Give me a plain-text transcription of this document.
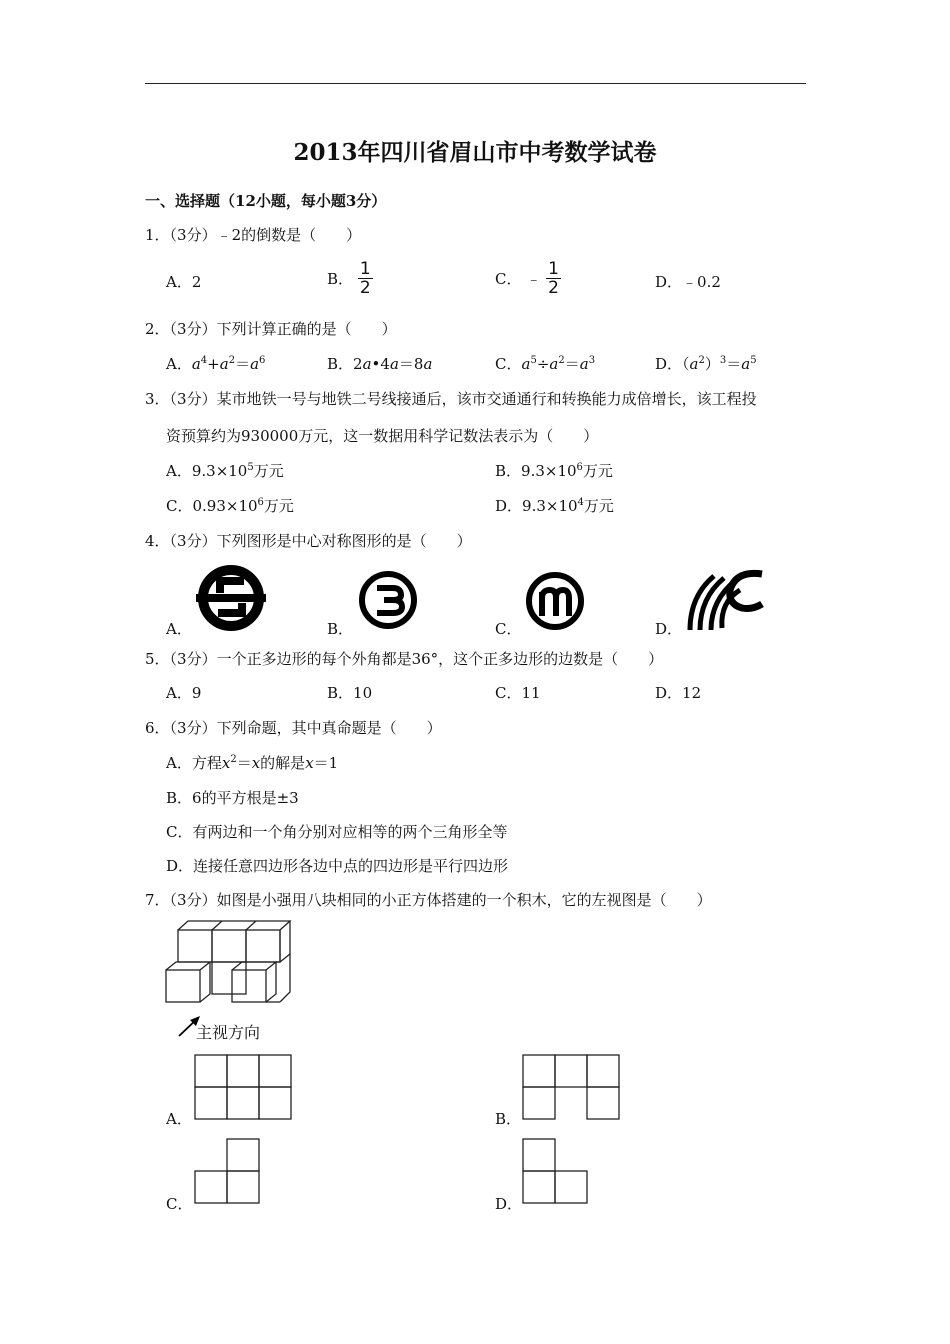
2013年四川省眉山市中考数学试卷
一、选择题（12小题，每小题3分）
1．（3分）﹣2的倒数是（　　）
A．2	B． $\frac{1}{2}$	C． ﹣ $\frac{1}{2}$	D．﹣0.2
2．（3分）下列计算正确的是（　　）
A．$a^4+a^2=a^6$	B．2a•4a＝8a	C．$a^5\div a^2=a^3$	D．$(a^2)^3=a^5$
3．（3分）某市地铁一号与地铁二号线接通后，该市交通通行和转换能力成倍增长，该工程投
资预算约为930000万元，这一数据用科学记数法表示为（　　）
A．$9.3\times 10^5$万元	B．$9.3\times 10^6$万元
C．$0.93\times 10^6$万元	D．$9.3\times 10^4$万元
4．（3分）下列图形是中心对称图形的是（　　）
A．	B．	C．	D．
5．（3分）一个正多边形的每个外角都是36°，这个正多边形的边数是（　　）
A．9	B．10	C．11	D．12
6．（3分）下列命题，其中真命题是（　　）
A．方程$x^2=x$的解是x＝1
B．6的平方根是±3
C．有两边和一个角分别对应相等的两个三角形全等
D．连接任意四边形各边中点的四边形是平行四边形
7．（3分）如图是小强用八块相同的小正方体搭建的一个积木，它的左视图是（　　）
主视方向
A．	B．
C．	D．
